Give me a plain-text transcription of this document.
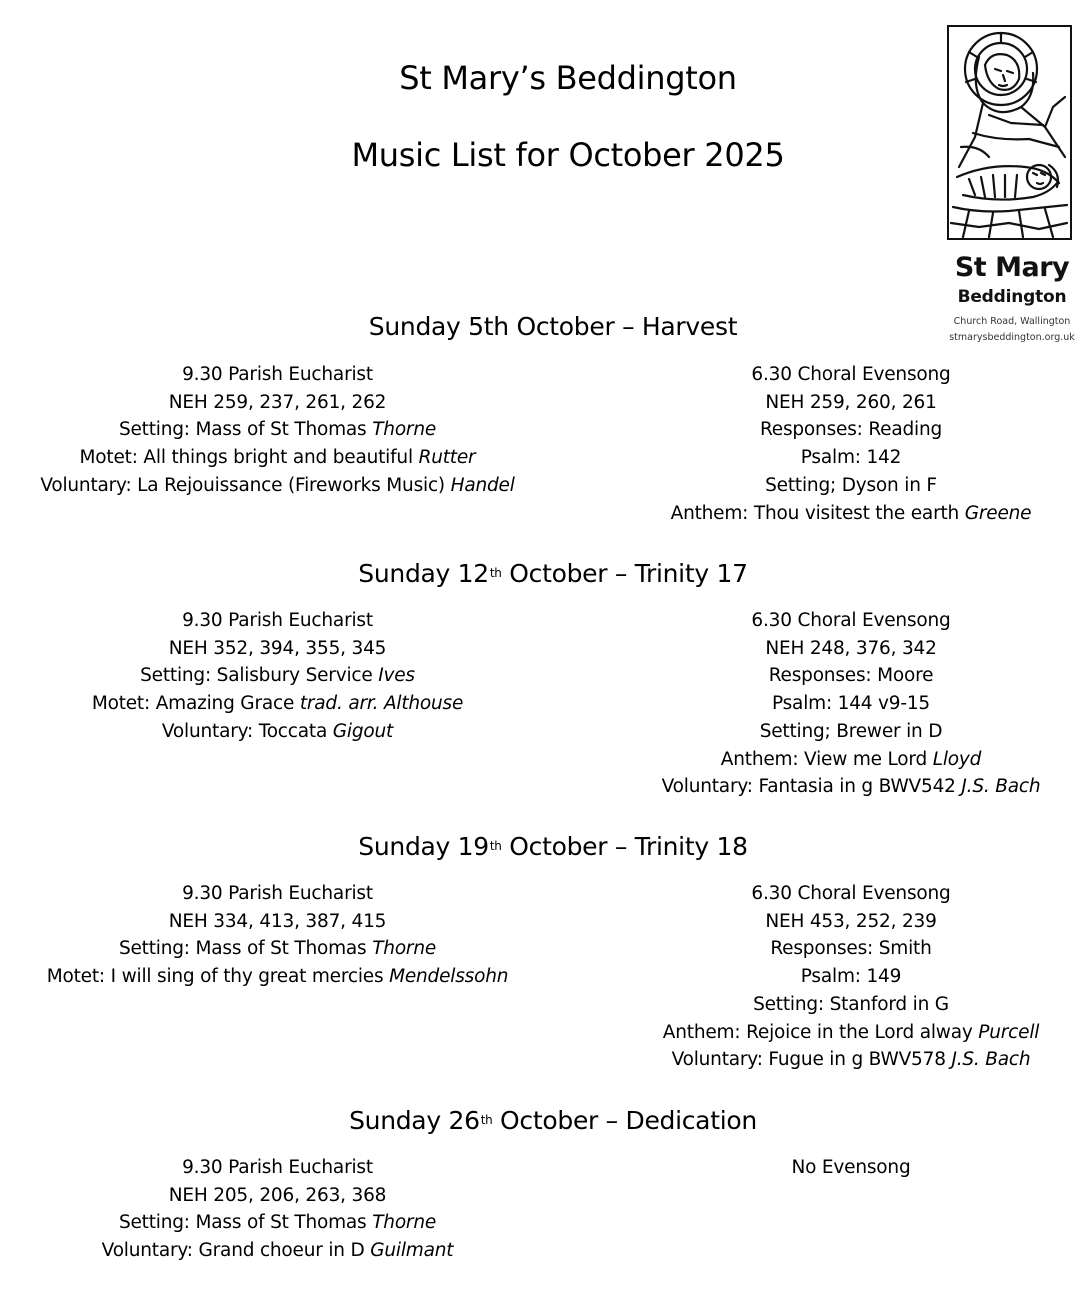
St Mary’s Beddington
Music List for October 2025
St Mary
Beddington
Church Road, Wallington
stmarysbeddington.org.uk
Sunday 5th October – Harvest
9.30 Parish Eucharist
NEH 259, 237, 261, 262
Setting: Mass of St Thomas Thorne
Motet: All things bright and beautiful Rutter
Voluntary: La Rejouissance (Fireworks Music) Handel
6.30 Choral Evensong
NEH 259, 260, 261
Responses: Reading
Psalm: 142
Setting; Dyson in F
Anthem: Thou visitest the earth Greene
Sunday 12th October – Trinity 17
9.30 Parish Eucharist
NEH 352, 394, 355, 345
Setting: Salisbury Service Ives
Motet: Amazing Grace trad. arr. Althouse
Voluntary: Toccata Gigout
6.30 Choral Evensong
NEH 248, 376, 342
Responses: Moore
Psalm: 144 v9-15
Setting; Brewer in D
Anthem: View me Lord Lloyd
Voluntary: Fantasia in g BWV542 J.S. Bach
Sunday 19th October – Trinity 18
9.30 Parish Eucharist
NEH 334, 413, 387, 415
Setting: Mass of St Thomas Thorne
Motet: I will sing of thy great mercies Mendelssohn
6.30 Choral Evensong
NEH 453, 252, 239
Responses: Smith
Psalm: 149
Setting: Stanford in G
Anthem: Rejoice in the Lord alway Purcell
Voluntary: Fugue in g BWV578 J.S. Bach
Sunday 26th October – Dedication
9.30 Parish Eucharist
NEH 205, 206, 263, 368
Setting: Mass of St Thomas Thorne
Voluntary: Grand choeur in D Guilmant
No Evensong
